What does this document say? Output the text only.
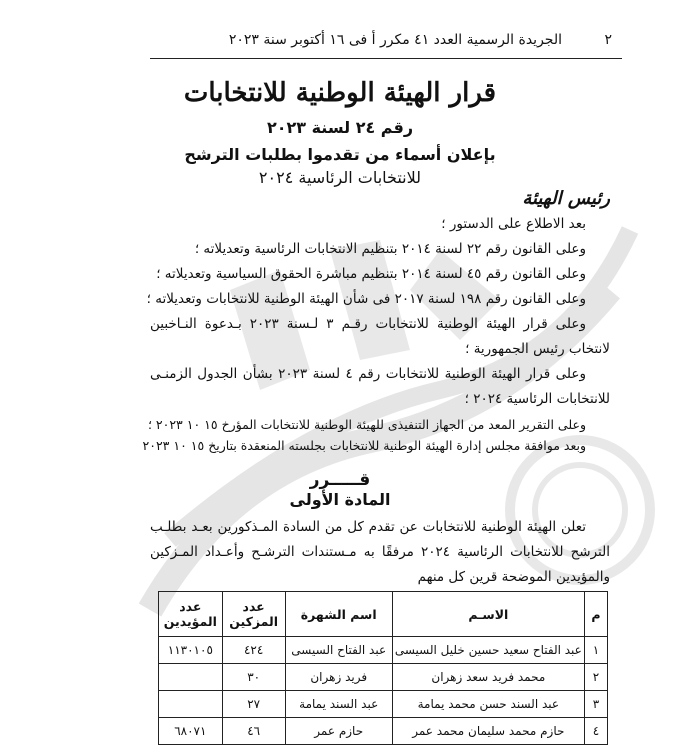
٢
الجريدة الرسمية العدد ٤١ مكرر أ فى ١٦ أكتوبر سنة ٢٠٢٣
قرار الهيئة الوطنية للانتخابات
رقم ٢٤ لسنة ٢٠٢٣
بإعلان أسماء من تقدموا بطلبات الترشح
للانتخابات الرئاسية ٢٠٢٤
رئيس الهيئة
بعد الاطلاع على الدستور ؛
وعلى القانون رقم ٢٢ لسنة ٢٠١٤ بتنظيم الانتخابات الرئاسية وتعديلاته ؛
وعلى القانون رقم ٤٥ لسنة ٢٠١٤ بتنظيم مباشرة الحقوق السياسية وتعديلاته ؛
وعلى القانون رقم ١٩٨ لسنة ٢٠١٧ فى شأن الهيئة الوطنية للانتخابات وتعديلاته ؛
وعلى قرار الهيئة الوطنية للانتخابات رقـم ٣ لـسنة ٢٠٢٣ بـدعوة النـاخبين
لانتخاب رئيس الجمهورية ؛
وعلى قرار الهيئة الوطنية للانتخابات رقم ٤ لسنة ٢٠٢٣ بشأن الجدول الزمنـى
للانتخابات الرئاسية ٢٠٢٤ ؛
وعلى التقرير المعد من الجهاز التنفيذى للهيئة الوطنية للانتخابات المؤرخ ١٥ ١٠ ٢٠٢٣ ؛
وبعد موافقة مجلس إدارة الهيئة الوطنية للانتخابات بجلسته المنعقدة بتاريخ ١٥ ١٠ ٢٠٢٣
قـــــرر
المادة الأولى
تعلن الهيئة الوطنية للانتخابات عن تقدم كل من السادة المـذكورين بعـد بطلـب
الترشح للانتخابات الرئاسية ٢٠٢٤ مرفقًا به مـستندات الترشـح وأعـداد المـزكين
والمؤيدين الموضحة قرين كل منهم
م	الاسـم	اسم الشهرة	عدد المزكين	عدد المؤيدين
١	عبد الفتاح سعيد حسين خليل السيسى	عبد الفتاح السيسى	٤٢٤	١١٣٠١٠٥
٢	محمد فريد سعد زهران	فريد زهران	٣٠	
٣	عبد السند حسن محمد يمامة	عبد السند يمامة	٢٧	
٤	حازم محمد سليمان محمد عمر	حازم عمر	٤٦	٦٨٠٧١
